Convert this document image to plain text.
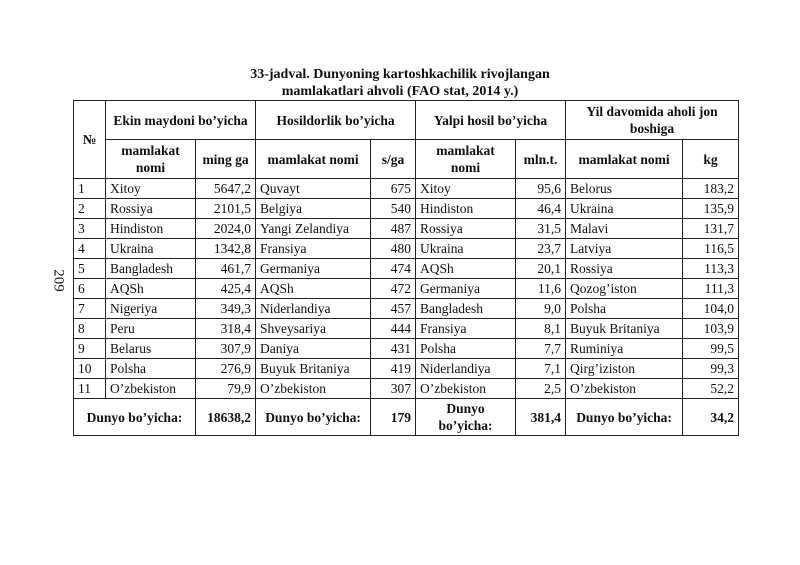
209
33-jadval. Dunyoning kartoshkachilik rivojlangan
mamlakatlari ahvoli (FAO stat, 2014 y.)
№	Ekin maydoni bo’yicha		Hosildorlik bo’yicha		Yalpi hosil bo’yicha		Yil davomida aholi jon boshiga	
	mamlakat nomi	ming ga	mamlakat nomi	s/ga	mamlakat nomi	mln.t.	mamlakat nomi	kg
1	Xitoy	5647,2	Quvayt	675	Xitoy	95,6	Belorus	183,2
2	Rossiya	2101,5	Belgiya	540	Hindiston	46,4	Ukraina	135,9
3	Hindiston	2024,0	Yangi Zelandiya	487	Rossiya	31,5	Malavi	131,7
4	Ukraina	1342,8	Fransiya	480	Ukraina	23,7	Latviya	116,5
5	Bangladesh	461,7	Germaniya	474	AQSh	20,1	Rossiya	113,3
6	AQSh	425,4	AQSh	472	Germaniya	11,6	Qozog’iston	111,3
7	Nigeriya	349,3	Niderlandiya	457	Bangladesh	9,0	Polsha	104,0
8	Peru	318,4	Shveysariya	444	Fransiya	8,1	Buyuk Britaniya	103,9
9	Belarus	307,9	Daniya	431	Polsha	7,7	Ruminiya	99,5
10	Polsha	276,9	Buyuk Britaniya	419	Niderlandiya	7,1	Qirg’iziston	99,3
11	O’zbekiston	79,9	O’zbekiston	307	O’zbekiston	2,5	O’zbekiston	52,2
Dunyo bo’yicha:		18638,2	Dunyo bo’yicha:	179	Dunyo bo’yicha:	381,4	Dunyo bo’yicha:	34,2
